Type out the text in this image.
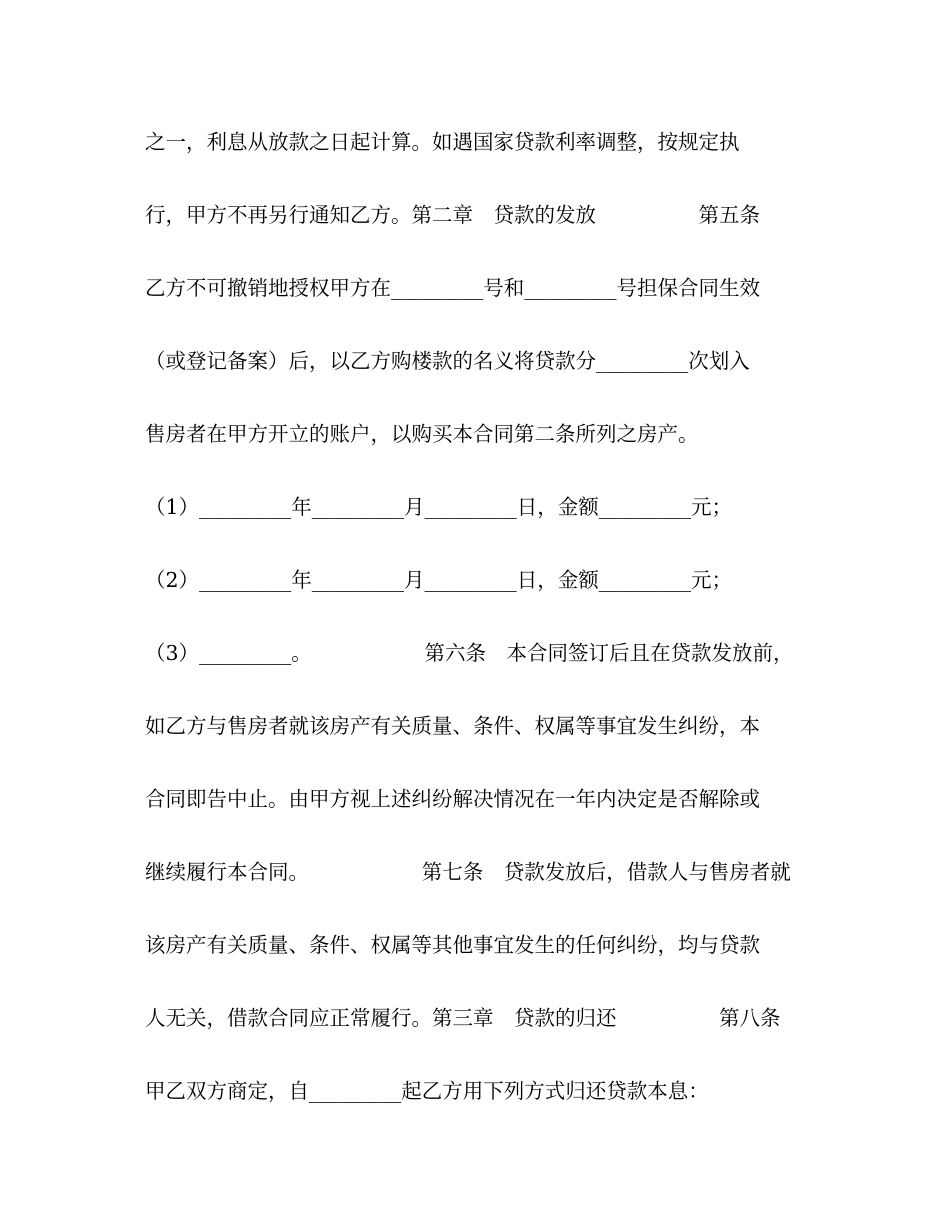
之一，利息从放款之日起计算。如遇国家贷款利率调整，按规定执

行，甲方不再另行通知乙方。第二章　贷款的发放　　　　　第五条

乙方不可撤销地授权甲方在_________号和_________号担保合同生效

（或登记备案）后，以乙方购楼款的名义将贷款分_________次划入

售房者在甲方开立的账户，以购买本合同第二条所列之房产。

（1）_________年_________月_________日，金额_________元；

（2）_________年_________月_________日，金额_________元；

（3）_________。　　　　　　第六条　本合同签订后且在贷款发放前，

如乙方与售房者就该房产有关质量、条件、权属等事宜发生纠纷，本

合同即告中止。由甲方视上述纠纷解决情况在一年内决定是否解除或

继续履行本合同。　　　　　　第七条　贷款发放后，借款人与售房者就

该房产有关质量、条件、权属等其他事宜发生的任何纠纷，均与贷款

人无关，借款合同应正常履行。第三章　贷款的归还　　　　　第八条

甲乙双方商定，自_________起乙方用下列方式归还贷款本息：
